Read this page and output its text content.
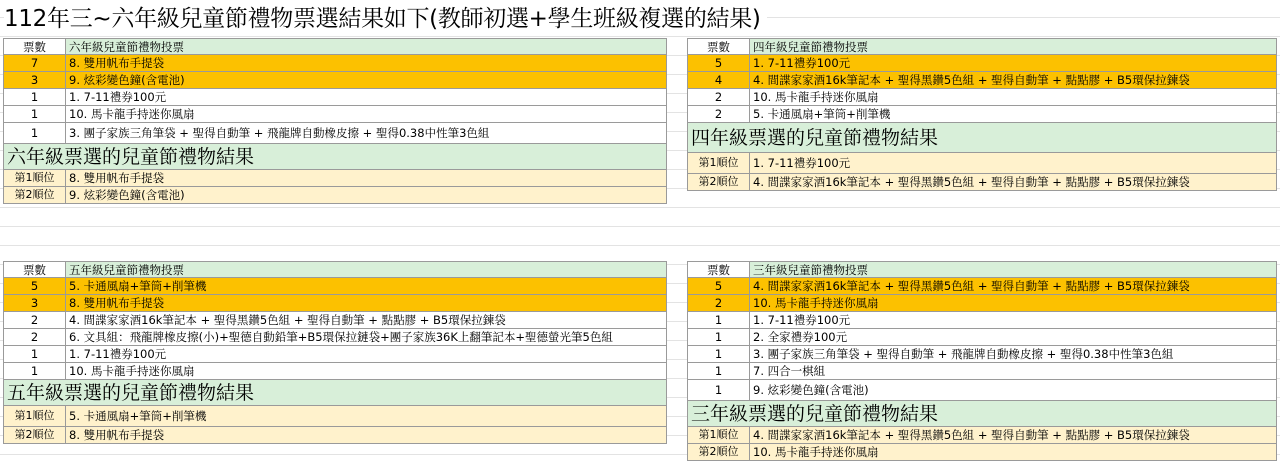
112年三~六年級兒童節禮物票選結果如下(教師初選+學生班級複選的結果)
票數	六年級兒童節禮物投票
7	8. 雙用帆布手提袋
3	9. 炫彩變色鐘(含電池)
1	1. 7-11禮券100元
1	10. 馬卡龍手持迷你風扇
1	3. 團子家族三角筆袋 + 聖得自動筆 + 飛龍牌自動橡皮擦 + 聖得0.38中性筆3色組
六年級票選的兒童節禮物結果
第1順位	8. 雙用帆布手提袋
第2順位	9. 炫彩變色鐘(含電池)
票數	四年級兒童節禮物投票
5	1. 7-11禮券100元
4	4. 間諜家家酒16k筆記本 + 聖得黑鑽5色組 + 聖得自動筆 + 點點膠 + B5環保拉鍊袋
2	10. 馬卡龍手持迷你風扇
2	5. 卡通風扇+筆筒+削筆機
四年級票選的兒童節禮物結果
第1順位	1. 7-11禮券100元
第2順位	4. 間諜家家酒16k筆記本 + 聖得黑鑽5色組 + 聖得自動筆 + 點點膠 + B5環保拉鍊袋
票數	五年級兒童節禮物投票
5	5. 卡通風扇+筆筒+削筆機
3	8. 雙用帆布手提袋
2	4. 間諜家家酒16k筆記本 + 聖得黑鑽5色組 + 聖得自動筆 + 點點膠 + B5環保拉鍊袋
2	6. 文具組：飛龍牌橡皮擦(小)+聖德自動鉛筆+B5環保拉鏈袋+團子家族36K上翻筆記本+聖德螢光筆5色組
1	1. 7-11禮券100元
1	10. 馬卡龍手持迷你風扇
五年級票選的兒童節禮物結果
第1順位	5. 卡通風扇+筆筒+削筆機
第2順位	8. 雙用帆布手提袋
票數	三年級兒童節禮物投票
5	4. 間諜家家酒16k筆記本 + 聖得黑鑽5色組 + 聖得自動筆 + 點點膠 + B5環保拉鍊袋
2	10. 馬卡龍手持迷你風扇
1	1. 7-11禮券100元
1	2. 全家禮券100元
1	3. 團子家族三角筆袋 + 聖得自動筆 + 飛龍牌自動橡皮擦 + 聖得0.38中性筆3色組
1	7. 四合一棋組
1	9. 炫彩變色鐘(含電池)
三年級票選的兒童節禮物結果
第1順位	4. 間諜家家酒16k筆記本 + 聖得黑鑽5色組 + 聖得自動筆 + 點點膠 + B5環保拉鍊袋
第2順位	10. 馬卡龍手持迷你風扇
